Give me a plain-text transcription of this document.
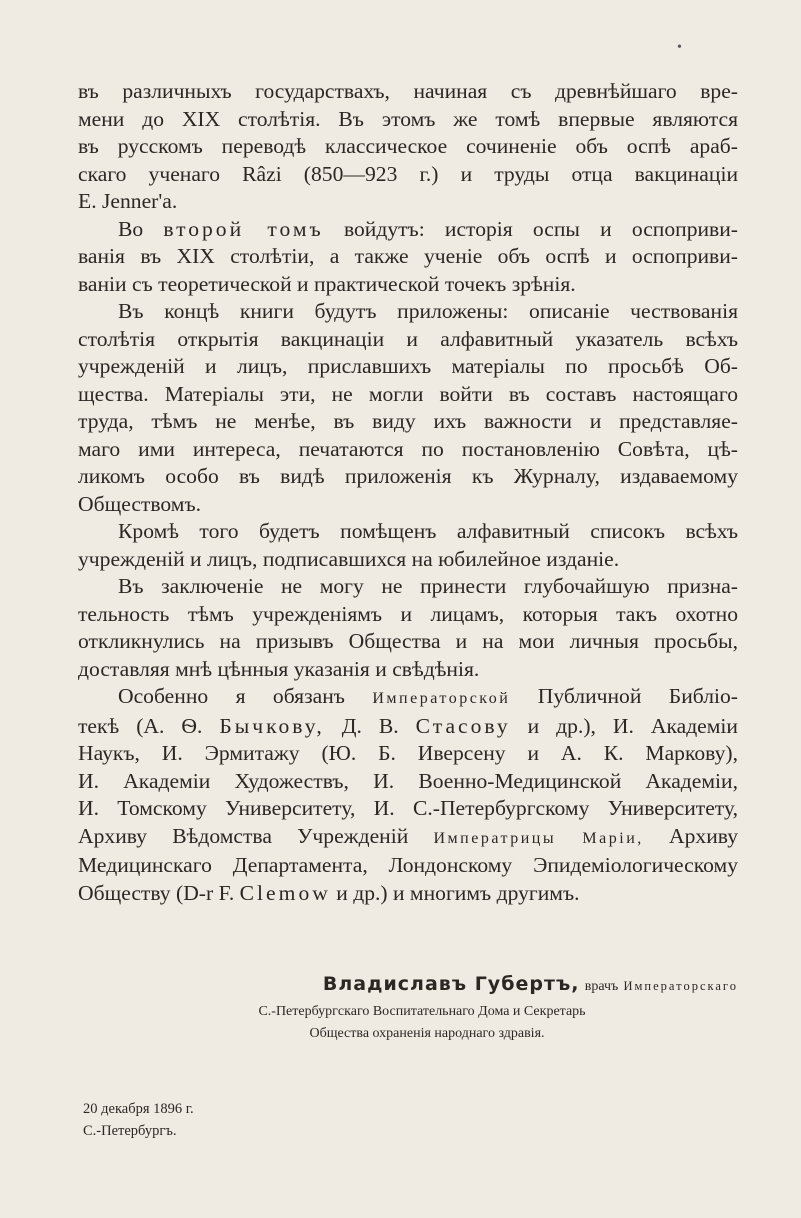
•
въ различныхъ государствахъ, начиная съ древнѣйшаго вре-
мени до XIX столѣтія. Въ этомъ же томѣ впервые являются
въ русскомъ переводѣ классическое сочиненіе объ оспѣ араб-
скаго ученаго Râzi (850—923 г.) и труды отца вакцинаціи
E. Jenner'a.
Во второй томъ войдутъ: исторія оспы и оспоприви-
ванія въ XIX столѣтіи, а также ученіе объ оспѣ и оспоприви-
ваніи съ теоретической и практической точекъ зрѣнія.
Въ концѣ книги будутъ приложены: описаніе чествованія
столѣтія открытія вакцинаціи и алфавитный указатель всѣхъ
учрежденій и лицъ, приславшихъ матеріалы по просьбѣ Об-
щества. Матеріалы эти, не могли войти въ составъ настоящаго
труда, тѣмъ не менѣе, въ виду ихъ важности и представляе-
маго ими интереса, печатаются по постановленію Совѣта, цѣ-
ликомъ особо въ видѣ приложенія къ Журналу, издаваемому
Обществомъ.
Кромѣ того будетъ помѣщенъ алфавитный списокъ всѣхъ
учрежденій и лицъ, подписавшихся на юбилейное изданіе.
Въ заключеніе не могу не принести глубочайшую призна-
тельность тѣмъ учрежденіямъ и лицамъ, которыя такъ охотно
откликнулись на призывъ Общества и на мои личныя просьбы,
доставляя мнѣ цѣнныя указанія и свѣдѣнія.
Особенно я обязанъ Императорской Публичной Библіо-
текѣ (А. Ѳ. Бычкову, Д. В. Стасову и др.), И. Академіи
Наукъ, И. Эрмитажу (Ю. Б. Иверсену и А. К. Маркову),
И. Академіи Художествъ, И. Военно-Медицинской Академіи,
И. Томскому Университету, И. С.-Петербургскому Университету,
Архиву Вѣдомства Учрежденій Императрицы Маріи, Архиву
Медицинскаго Департамента, Лондонскому Эпидеміологическому
Обществу (D-r F. Clemow и др.) и многимъ другимъ.
Владиславъ Губертъ, врачъ Императорскаго
С.-Петербургскаго Воспитательнаго Дома и Секретарь
Общества охраненія народнаго здравія.
20 декабря 1896 г.
С.-Петербургъ.
